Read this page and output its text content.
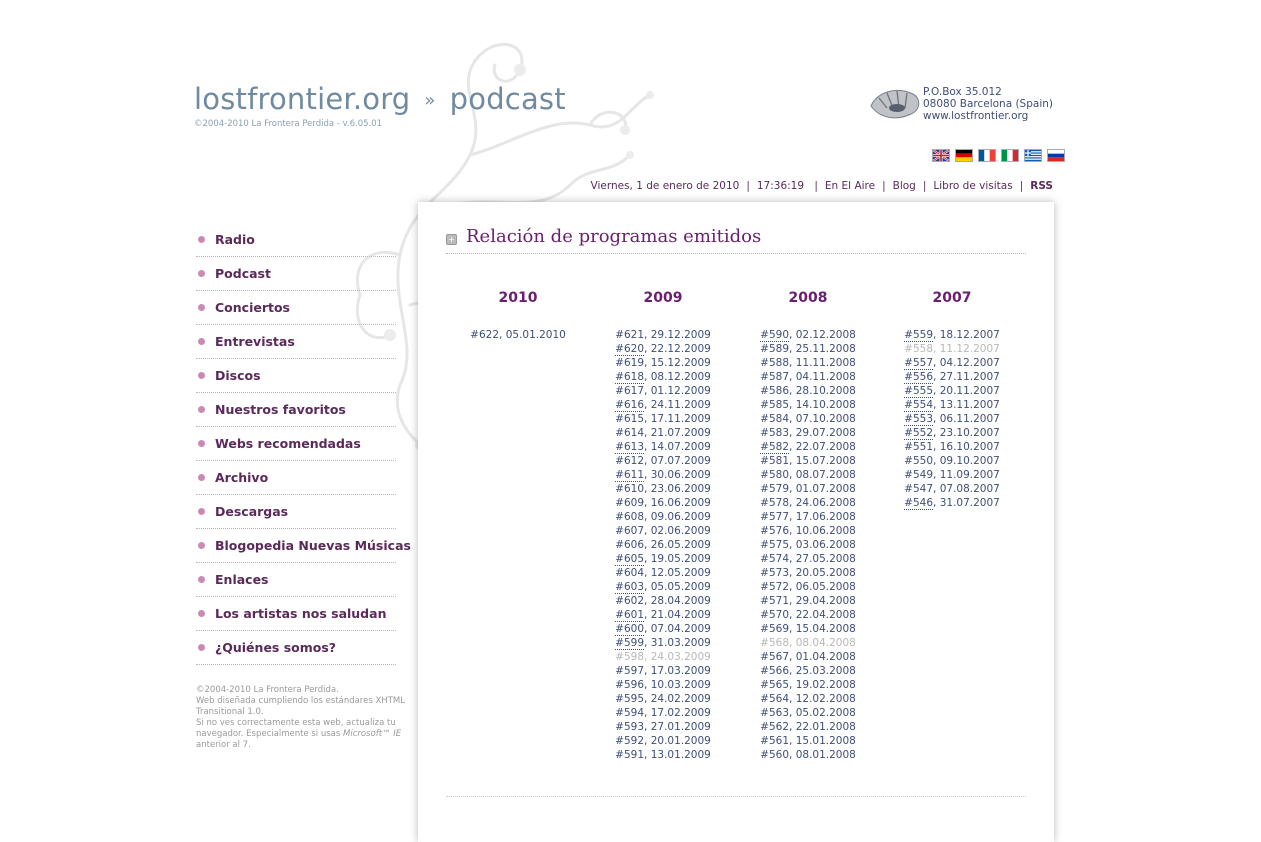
lostfrontier.org » podcast
©2004-2010 La Frontera Perdida - v.6.05.01
P.O.Box 35.012
08080 Barcelona (Spain)
www.lostfrontier.org
Viernes, 1 de enero de 2010 | 17:36:19 | En El Aire | Blog | Libro de visitas | RSS
Radio
Podcast
Conciertos
Entrevistas
Discos
Nuestros favoritos
Webs recomendadas
Archivo
Descargas
Blogopedia Nuevas Músicas
Enlaces
Los artistas nos saludan
¿Quiénes somos?
©2004-2010 La Frontera Perdida.
Web diseñada cumpliendo los estándares XHTML Transitional 1.0.
Si no ves correctamente esta web, actualiza tu navegador. Especialmente si usas Microsoft™ IE
anterior al 7.
+ Relación de programas emitidos
2010
#622, 05.01.2010
2009
#621, 29.12.2009
#620, 22.12.2009
#619, 15.12.2009
#618, 08.12.2009
#617, 01.12.2009
#616, 24.11.2009
#615, 17.11.2009
#614, 21.07.2009
#613, 14.07.2009
#612, 07.07.2009
#611, 30.06.2009
#610, 23.06.2009
#609, 16.06.2009
#608, 09.06.2009
#607, 02.06.2009
#606, 26.05.2009
#605, 19.05.2009
#604, 12.05.2009
#603, 05.05.2009
#602, 28.04.2009
#601, 21.04.2009
#600, 07.04.2009
#599, 31.03.2009
#598, 24.03.2009
#597, 17.03.2009
#596, 10.03.2009
#595, 24.02.2009
#594, 17.02.2009
#593, 27.01.2009
#592, 20.01.2009
#591, 13.01.2009
2008
#590, 02.12.2008
#589, 25.11.2008
#588, 11.11.2008
#587, 04.11.2008
#586, 28.10.2008
#585, 14.10.2008
#584, 07.10.2008
#583, 29.07.2008
#582, 22.07.2008
#581, 15.07.2008
#580, 08.07.2008
#579, 01.07.2008
#578, 24.06.2008
#577, 17.06.2008
#576, 10.06.2008
#575, 03.06.2008
#574, 27.05.2008
#573, 20.05.2008
#572, 06.05.2008
#571, 29.04.2008
#570, 22.04.2008
#569, 15.04.2008
#568, 08.04.2008
#567, 01.04.2008
#566, 25.03.2008
#565, 19.02.2008
#564, 12.02.2008
#563, 05.02.2008
#562, 22.01.2008
#561, 15.01.2008
#560, 08.01.2008
2007
#559, 18.12.2007
#558, 11.12.2007
#557, 04.12.2007
#556, 27.11.2007
#555, 20.11.2007
#554, 13.11.2007
#553, 06.11.2007
#552, 23.10.2007
#551, 16.10.2007
#550, 09.10.2007
#549, 11.09.2007
#547, 07.08.2007
#546, 31.07.2007
